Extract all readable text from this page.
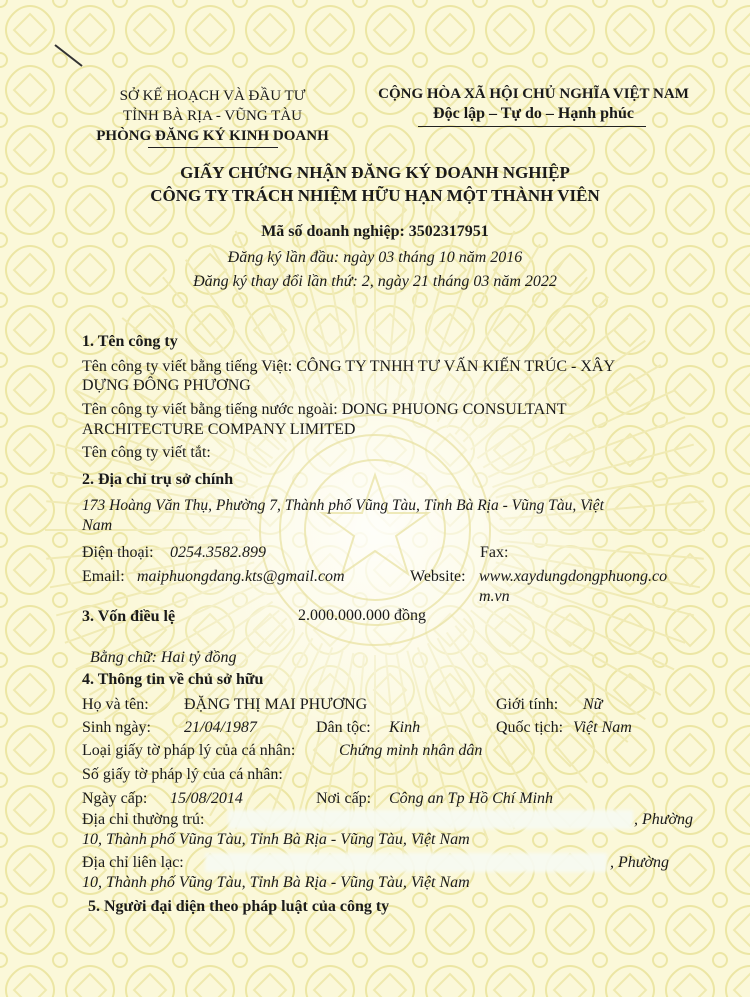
SỞ KẾ HOẠCH VÀ ĐẦU TƯ
TỈNH BÀ RỊA - VŨNG TÀU
PHÒNG ĐĂNG KÝ KINH DOANH
CỘNG HÒA XÃ HỘI CHỦ NGHĨA VIỆT NAM
Độc lập – Tự do – Hạnh phúc
GIẤY CHỨNG NHẬN ĐĂNG KÝ DOANH NGHIỆP
CÔNG TY TRÁCH NHIỆM HỮU HẠN MỘT THÀNH VIÊN
Mã số doanh nghiệp: 3502317951
Đăng ký lần đầu: ngày 03 tháng 10 năm 2016
Đăng ký thay đổi lần thứ: 2, ngày 21 tháng 03 năm 2022
1. Tên công ty
Tên công ty viết bằng tiếng Việt: CÔNG TY TNHH TƯ VẤN KIẾN TRÚC - XÂY
DỰNG ĐÔNG PHƯƠNG
Tên công ty viết bằng tiếng nước ngoài: DONG PHUONG CONSULTANT
ARCHITECTURE COMPANY LIMITED
Tên công ty viết tắt:
2. Địa chỉ trụ sở chính
173 Hoàng Văn Thụ, Phường 7, Thành phố Vũng Tàu, Tỉnh Bà Rịa - Vũng Tàu, Việt
Nam
Điện thoại: 0254.3582.899	Fax:
Email: maiphuongdang.kts@gmail.com	Website: www.xaydungdongphuong.co
m.vn
3. Vốn điều lệ	2.000.000.000 đồng
Bằng chữ: Hai tỷ đồng
4. Thông tin về chủ sở hữu
Họ và tên: ĐẶNG THỊ MAI PHƯƠNG	Giới tính: Nữ
Sinh ngày: 21/04/1987	Dân tộc: Kinh	Quốc tịch: Việt Nam
Loại giấy tờ pháp lý của cá nhân:	Chứng minh nhân dân
Số giấy tờ pháp lý của cá nhân:
Ngày cấp: 15/08/2014	Nơi cấp: Công an Tp Hồ Chí Minh
Địa chỉ thường trú:	, Phường
10, Thành phố Vũng Tàu, Tỉnh Bà Rịa - Vũng Tàu, Việt Nam
Địa chỉ liên lạc:	, Phường
10, Thành phố Vũng Tàu, Tỉnh Bà Rịa - Vũng Tàu, Việt Nam
5. Người đại diện theo pháp luật của công ty
